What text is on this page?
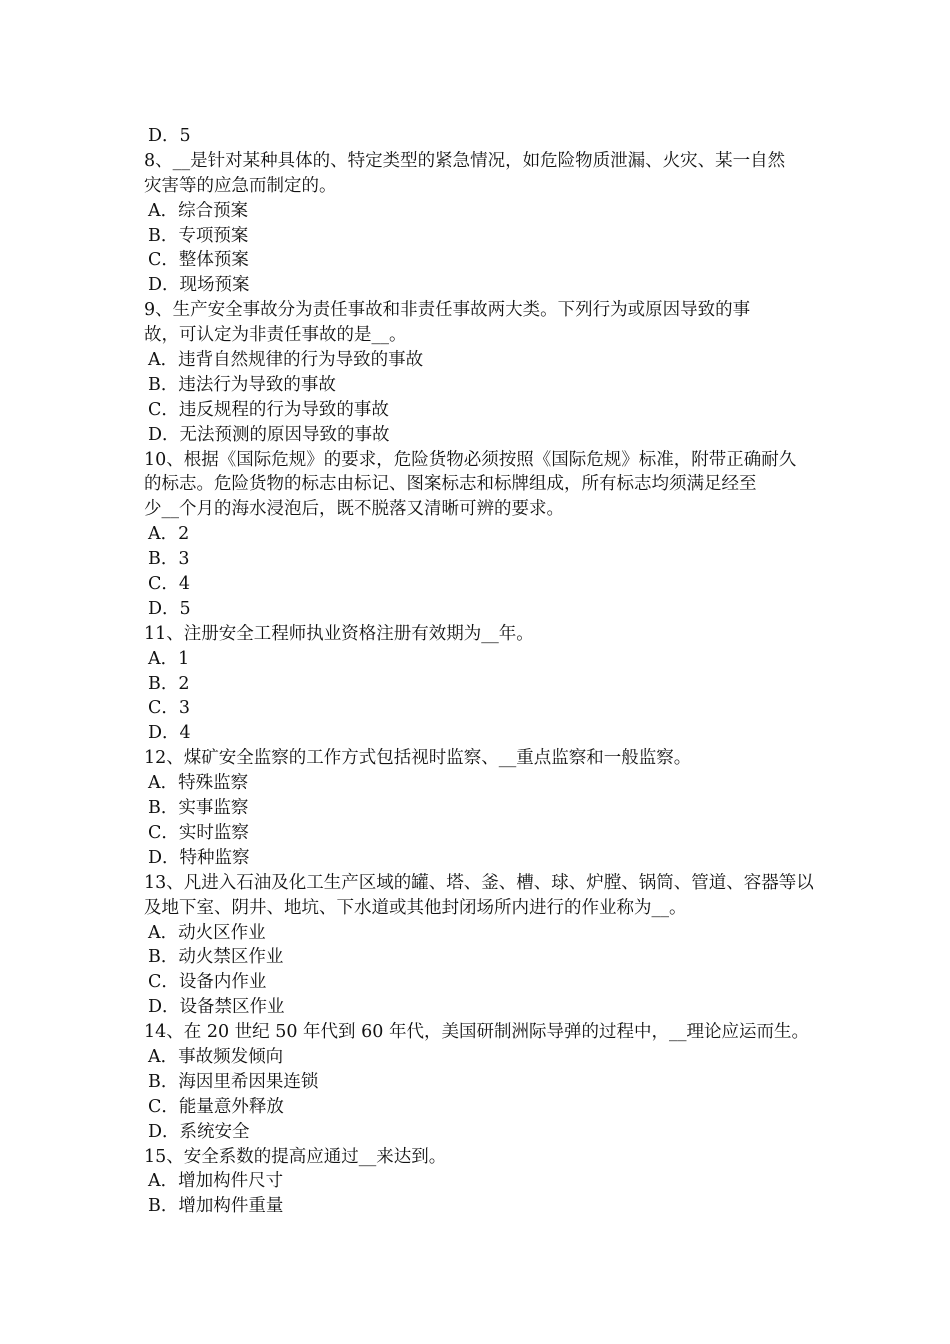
D．5
8、__是针对某种具体的、特定类型的紧急情况，如危险物质泄漏、火灾、某一自然
灾害等的应急而制定的。
A．综合预案
B．专项预案
C．整体预案
D．现场预案
9、生产安全事故分为责任事故和非责任事故两大类。下列行为或原因导致的事
故，可认定为非责任事故的是__。
A．违背自然规律的行为导致的事故
B．违法行为导致的事故
C．违反规程的行为导致的事故
D．无法预测的原因导致的事故
10、根据《国际危规》的要求，危险货物必须按照《国际危规》标准，附带正确耐久
的标志。危险货物的标志由标记、图案标志和标牌组成，所有标志均须满足经至
少__个月的海水浸泡后，既不脱落又清晰可辨的要求。
A．2
B．3
C．4
D．5
11、注册安全工程师执业资格注册有效期为__年。
A．1
B．2
C．3
D．4
12、煤矿安全监察的工作方式包括视时监察、__重点监察和一般监察。
A．特殊监察
B．实事监察
C．实时监察
D．特种监察
13、凡进入石油及化工生产区域的罐、塔、釜、槽、球、炉膛、锅筒、管道、容器等以
及地下室、阴井、地坑、下水道或其他封闭场所内进行的作业称为__。
A．动火区作业
B．动火禁区作业
C．设备内作业
D．设备禁区作业
14、在 20 世纪 50 年代到 60 年代，美国研制洲际导弹的过程中，__理论应运而生。
A．事故频发倾向
B．海因里希因果连锁
C．能量意外释放
D．系统安全
15、安全系数的提高应通过__来达到。
A．增加构件尺寸
B．增加构件重量
